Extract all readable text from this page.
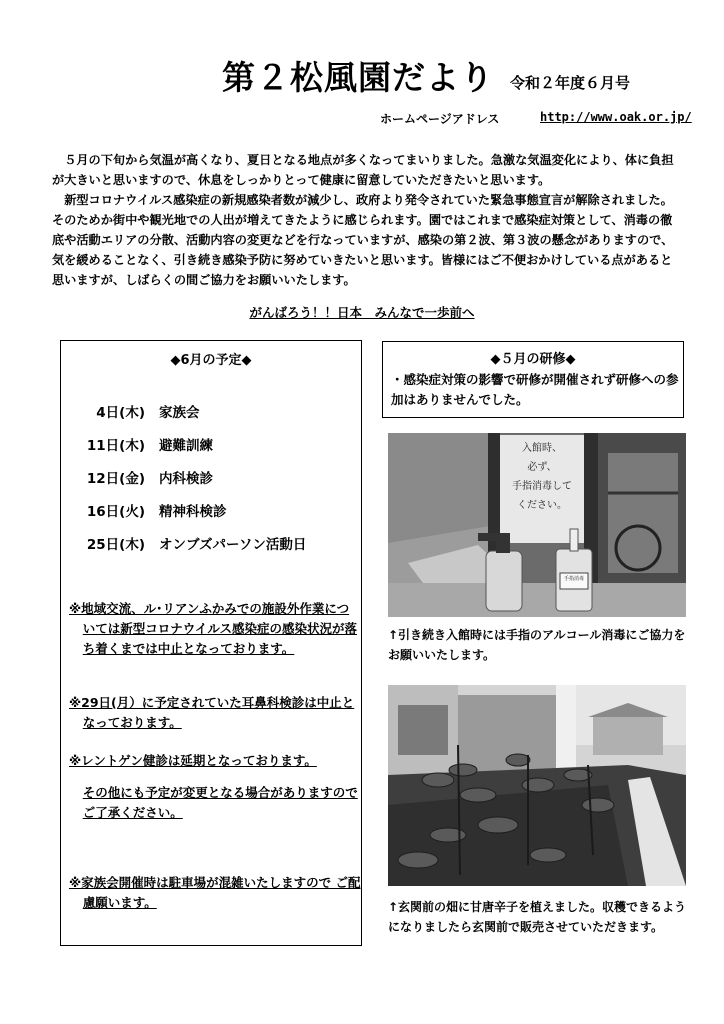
第２松風園だより 令和２年度６月号
ホームページアドレス	http://www.oak.or.jp/

５月の下旬から気温が高くなり、夏日となる地点が多くなってまいりました。急激な気温変化により、体に負担が大きいと思いますので、休息をしっかりとって健康に留意していただきたいと思います。

新型コロナウイルス感染症の新規感染者数が減少し、政府より発令されていた緊急事態宣言が解除されました。そのためか街中や観光地での人出が増えてきたように感じられます。園ではこれまで感染症対策として、消毒の徹底や活動エリアの分散、活動内容の変更などを行なっていますが、感染の第２波、第３波の懸念がありますので、気を緩めることなく、引き続き感染予防に努めていきたいと思います。皆様にはご不便おかけしている点があると思いますが、しばらくの間ご協力をお願いいたします。

がんばろう！！日本　みんなで一歩前へ
◆6月の予定◆
4日(木) 家族会
11日(木) 避難訓練
12日(金) 内科検診
16日(火) 精神科検診
25日(木) オンブズパーソン活動日
※地域交流、ル･リアンふかみでの施設外作業については新型コロナウイルス感染症の感染状況が落ち着くまでは中止となっております。
※29日(月）に予定されていた耳鼻科検診は中止となっております。
※レントゲン健診は延期となっております。
その他にも予定が変更となる場合がありますのでご了承ください。
※家族会開催時は駐車場が混雑いたしますので ご配慮願います。
◆５月の研修◆
・感染症対策の影響で研修が開催されず研修への参加はありませんでした。
入館時、
必ず、
手指消毒して
ください。
手指消毒
↑引き続き入館時には手指のアルコール消毒にご協力をお願いいたします。
↑玄関前の畑に甘唐辛子を植えました。収穫できるようになりましたら玄関前で販売させていただきます。
